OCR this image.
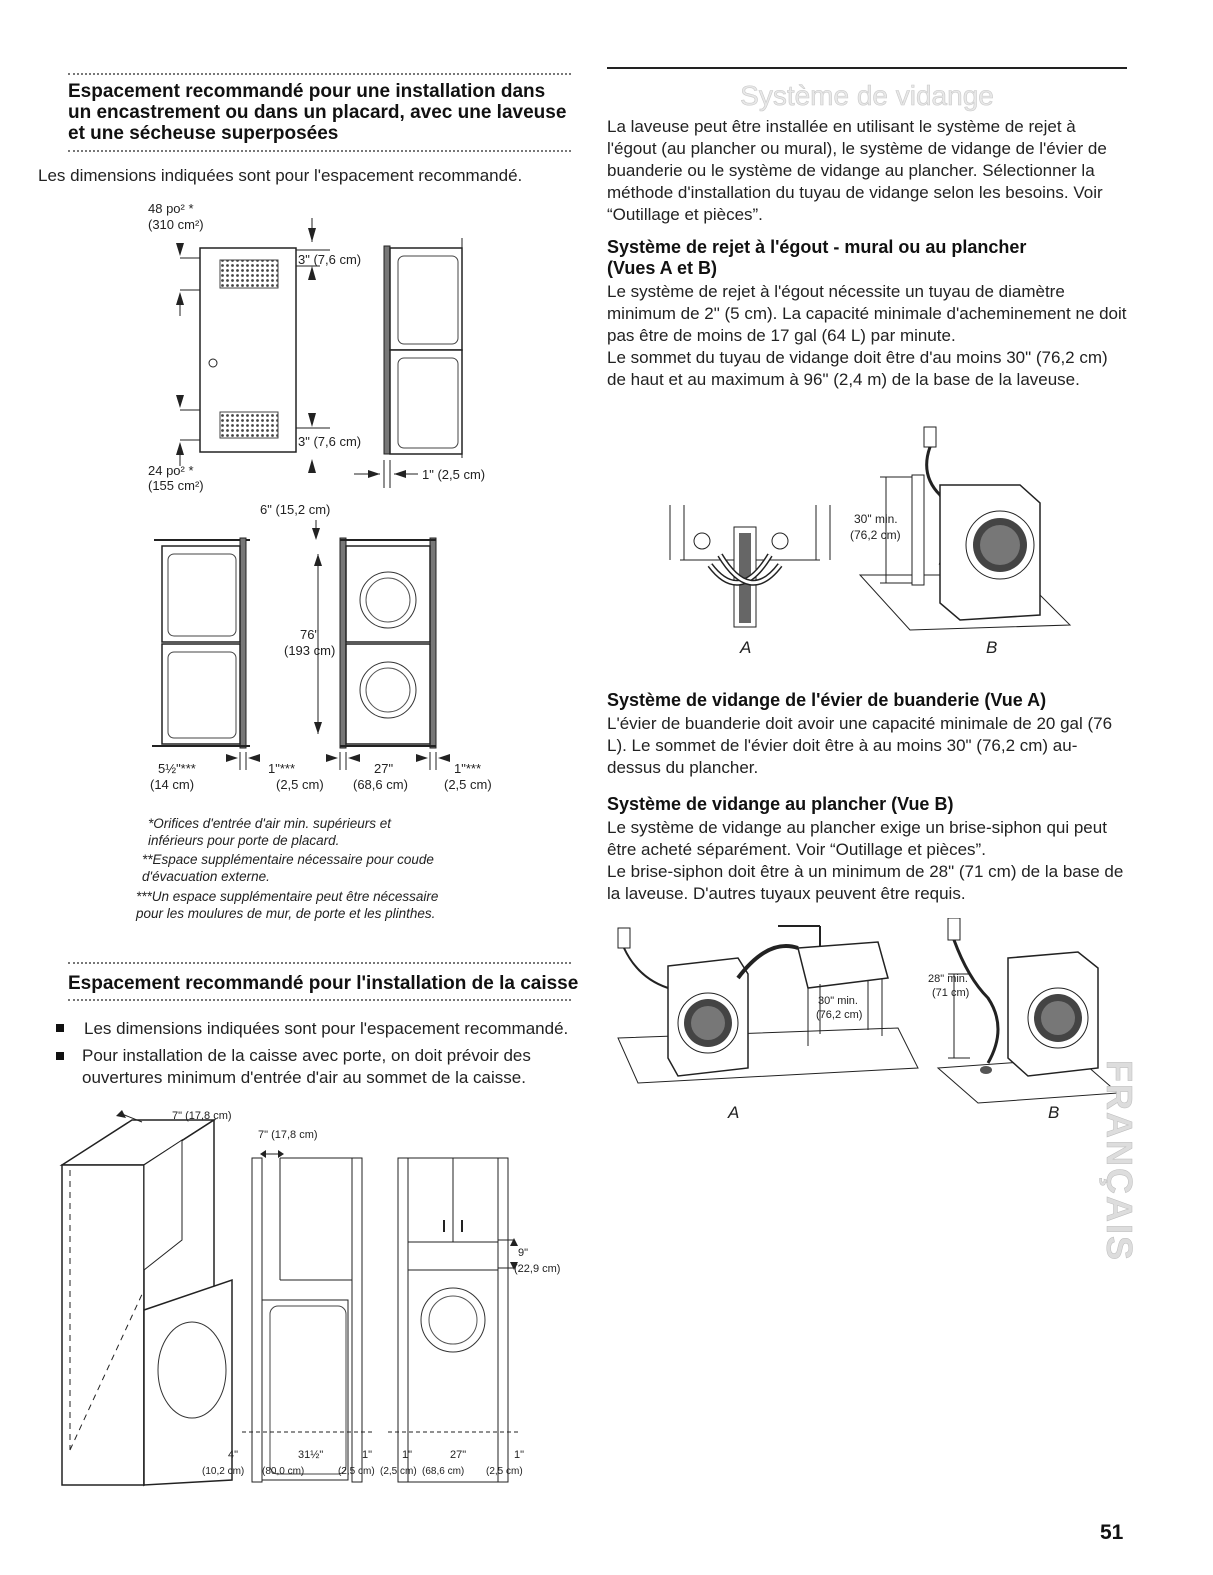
Espacement recommandé pour une installation dans un encastrement ou dans un placard, avec une laveuse et une sécheuse superposées
Les dimensions indiquées sont pour l'espacement recommandé.
48 po² *
(310 cm²)
24 po² *
(155 cm²)
3" (7,6 cm)
3" (7,6 cm)
1" (2,5 cm)
6" (15,2 cm)
76"
(193 cm)
5½"***
(14 cm)
1"***
(2,5 cm)
27"
(68,6 cm)
1"***
(2,5 cm)
*Orifices d'entrée d'air min. supérieurs et inférieurs pour porte de placard.
**Espace supplémentaire nécessaire pour coude d'évacuation externe.
***Un espace supplémentaire peut être nécessaire pour les moulures de mur, de porte et les plinthes.
Espacement recommandé pour l'installation de la caisse
Les dimensions indiquées sont pour l'espacement recommandé.
Pour installation de la caisse avec porte, on doit prévoir des ouvertures minimum d'entrée d'air au sommet de la caisse.
7" (17,8 cm)
7" (17,8 cm)
9"
(22,9 cm)
4"
(10,2 cm)
31½"
(80,0 cm)
1"
(2,5 cm)
1"
(2,5 cm)
27"
(68,6 cm)
1"
(2,5 cm)
Système de vidange
La laveuse peut être installée en utilisant le système de rejet à l'égout (au plancher ou mural), le système de vidange de l'évier de buanderie ou le système de vidange au plancher. Sélectionner la méthode d'installation du tuyau de vidange selon les besoins. Voir “Outillage et pièces”.
Système de rejet à l'égout - mural ou au plancher (Vues A et B)
Le système de rejet à l'égout nécessite un tuyau de diamètre minimum de 2" (5 cm). La capacité minimale d'acheminement ne doit pas être de moins de 17 gal (64 L) par minute.
Le sommet du tuyau de vidange doit être d'au moins 30" (76,2 cm) de haut et au maximum à 96" (2,4 m) de la base de la laveuse.
A
30" min.
(76,2 cm)
B
Système de vidange de l'évier de buanderie (Vue A)
L'évier de buanderie doit avoir une capacité minimale de 20 gal (76 L). Le sommet de l'évier doit être à au moins 30" (76,2 cm) au-dessus du plancher.
Système de vidange au plancher (Vue B)
Le système de vidange au plancher exige un brise-siphon qui peut être acheté séparément. Voir “Outillage et pièces”.
Le brise-siphon doit être à un minimum de 28" (71 cm) de la base de la laveuse. D'autres tuyaux peuvent être requis.
30" min.
(76,2 cm)
A
28" min.
(71 cm)
B FRANÇAIS
51
